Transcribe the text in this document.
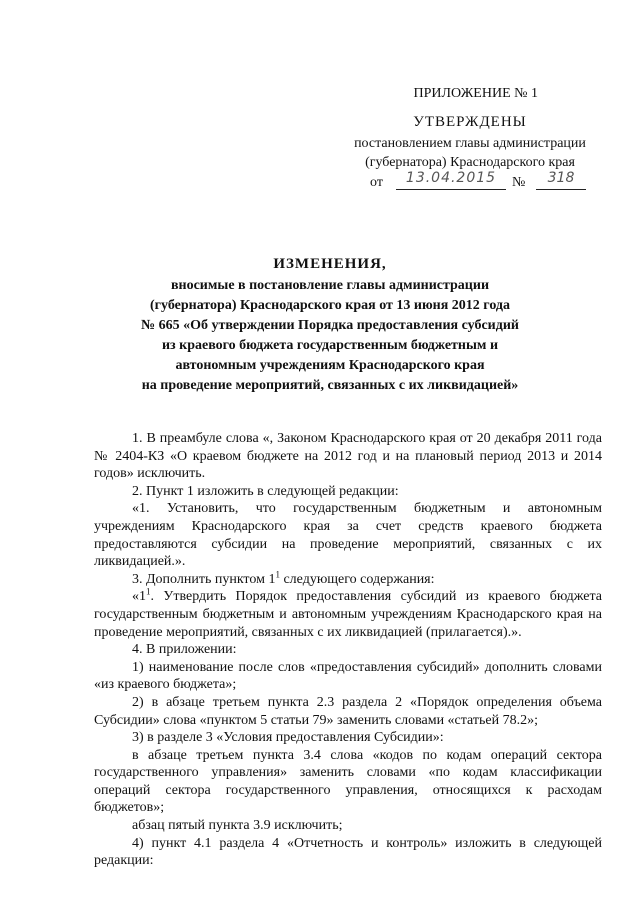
ПРИЛОЖЕНИЕ № 1
УТВЕРЖДЕНЫ
постановлением главы администрации
(губернатора) Краснодарского края
от	13.04.2015	№	318
ИЗМЕНЕНИЯ,
вносимые в постановление главы администрации
(губернатора) Краснодарского края от 13 июня 2012 года
№ 665 «Об утверждении Порядка предоставления субсидий
из краевого бюджета государственным бюджетным и
автономным учреждениям Краснодарского края
на проведение мероприятий, связанных с их ликвидацией»

1. В преамбуле слова «, Законом Краснодарского края от 20 декабря 2011 года № 2404-КЗ «О краевом бюджете на 2012 год и на плановый период 2013 и 2014 годов» исключить.

2. Пункт 1 изложить в следующей редакции:

«1. Установить, что государственным бюджетным и автономным учреждениям Краснодарского края за счет средств краевого бюджета предоставляются субсидии на проведение мероприятий, связанных с их ликвидацией.».

3. Дополнить пунктом $1^1$ следующего содержания:

«$1^1$. Утвердить Порядок предоставления субсидий из краевого бюджета государственным бюджетным и автономным учреждениям Краснодарского края на проведение мероприятий, связанных с их ликвидацией (прилагается).».

4. В приложении:

1) наименование после слов «предоставления субсидий» дополнить словами «из краевого бюджета»;

2) в абзаце третьем пункта 2.3 раздела 2 «Порядок определения объема Субсидии» слова «пунктом 5 статьи 79» заменить словами «статьей 78.2»;

3) в разделе 3 «Условия предоставления Субсидии»:

в абзаце третьем пункта 3.4 слова «кодов по кодам операций сектора государственного управления» заменить словами «по кодам классификации операций сектора государственного управления, относящихся к расходам бюджетов»;

абзац пятый пункта 3.9 исключить;

4) пункт 4.1 раздела 4 «Отчетность и контроль» изложить в следующей редакции:
